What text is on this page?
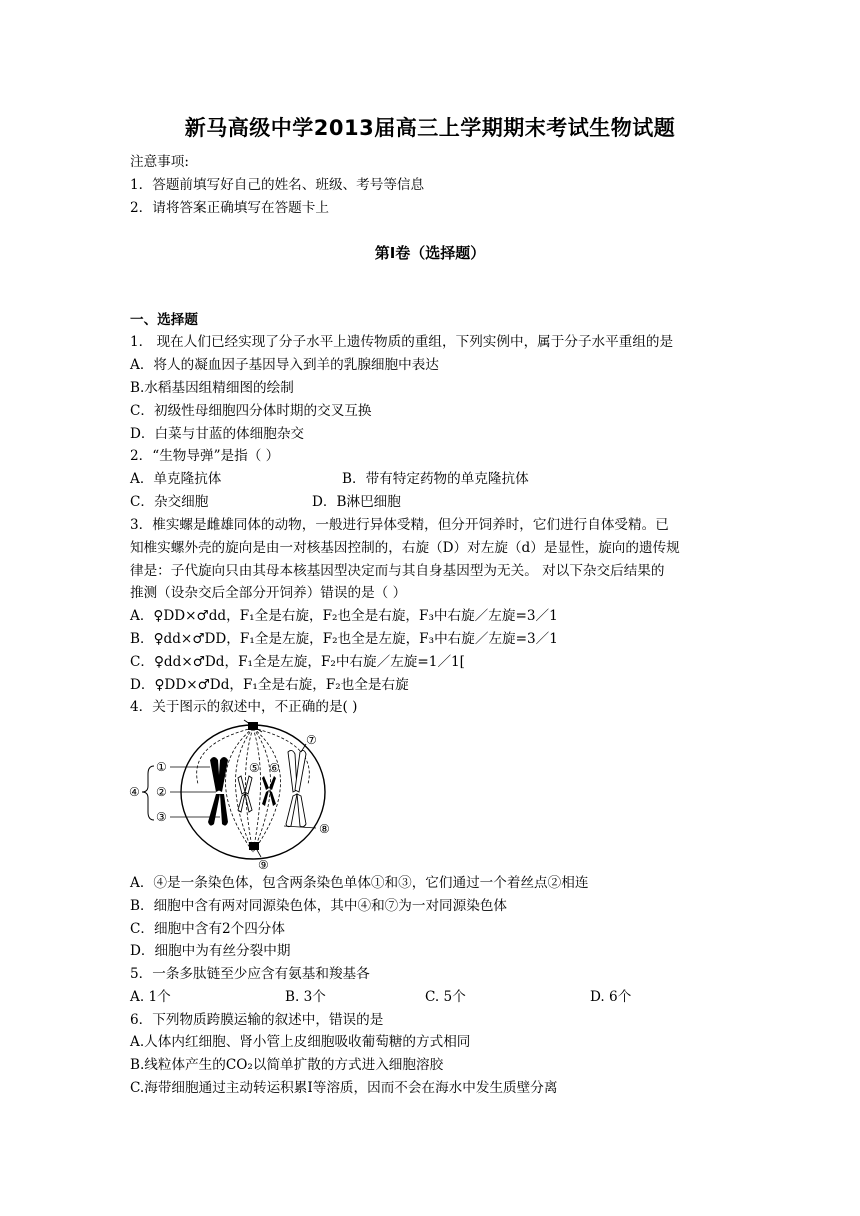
新马高级中学2013届高三上学期期末考试生物试题
注意事项:
1．答题前填写好自己的姓名、班级、考号等信息
2．请将答案正确填写在答题卡上
第I卷（选择题）
一、选择题
1． 现在人们已经实现了分子水平上遗传物质的重组，下列实例中，属于分子水平重组的是
A．将人的凝血因子基因导入到羊的乳腺细胞中表达
B.水稻基因组精细图的绘制
C．初级性母细胞四分体时期的交叉互换
D．白菜与甘蓝的体细胞杂交
2．“生物导弹”是指（ ）
A．单克隆抗体	B．带有特定药物的单克隆抗体
C．杂交细胞	D．B淋巴细胞
3．椎实螺是雌雄同体的动物，一般进行异体受精，但分开饲养时，它们进行自体受精。已
知椎实螺外壳的旋向是由一对核基因控制的，右旋（D）对左旋（d）是显性，旋向的遗传规
律是：子代旋向只由其母本核基因型决定而与其自身基因型为无关。 对以下杂交后结果的
推测（设杂交后全部分开饲养）错误的是（ ）
A．♀DD×♂dd，F₁全是右旋，F₂也全是右旋，F₃中右旋／左旋=3／1
B．♀dd×♂DD，F₁全是左旋，F₂也全是左旋，F₃中右旋／左旋=3／1
C．♀dd×♂Dd，F₁全是左旋，F₂中右旋／左旋=1／1[
D．♀DD×♂Dd，F₁全是右旋，F₂也全是右旋
4．关于图示的叙述中，不正确的是( )
①
②
③
④
⑤ ⑥
⑦
⑧
⑨
A．④是一条染色体，包含两条染色单体①和③，它们通过一个着丝点②相连
B．细胞中含有两对同源染色体，其中④和⑦为一对同源染色体
C．细胞中含有2个四分体
D．细胞中为有丝分裂中期
5．一条多肽链至少应含有氨基和羧基各
A. 1个	B. 3个	C. 5个	D. 6个
6．下列物质跨膜运输的叙述中，错误的是
A.人体内红细胞、肾小管上皮细胞吸收葡萄糖的方式相同
B.线粒体产生的CO₂以简单扩散的方式进入细胞溶胶
C.海带细胞通过主动转运积累I等溶质，因而不会在海水中发生质壁分离
